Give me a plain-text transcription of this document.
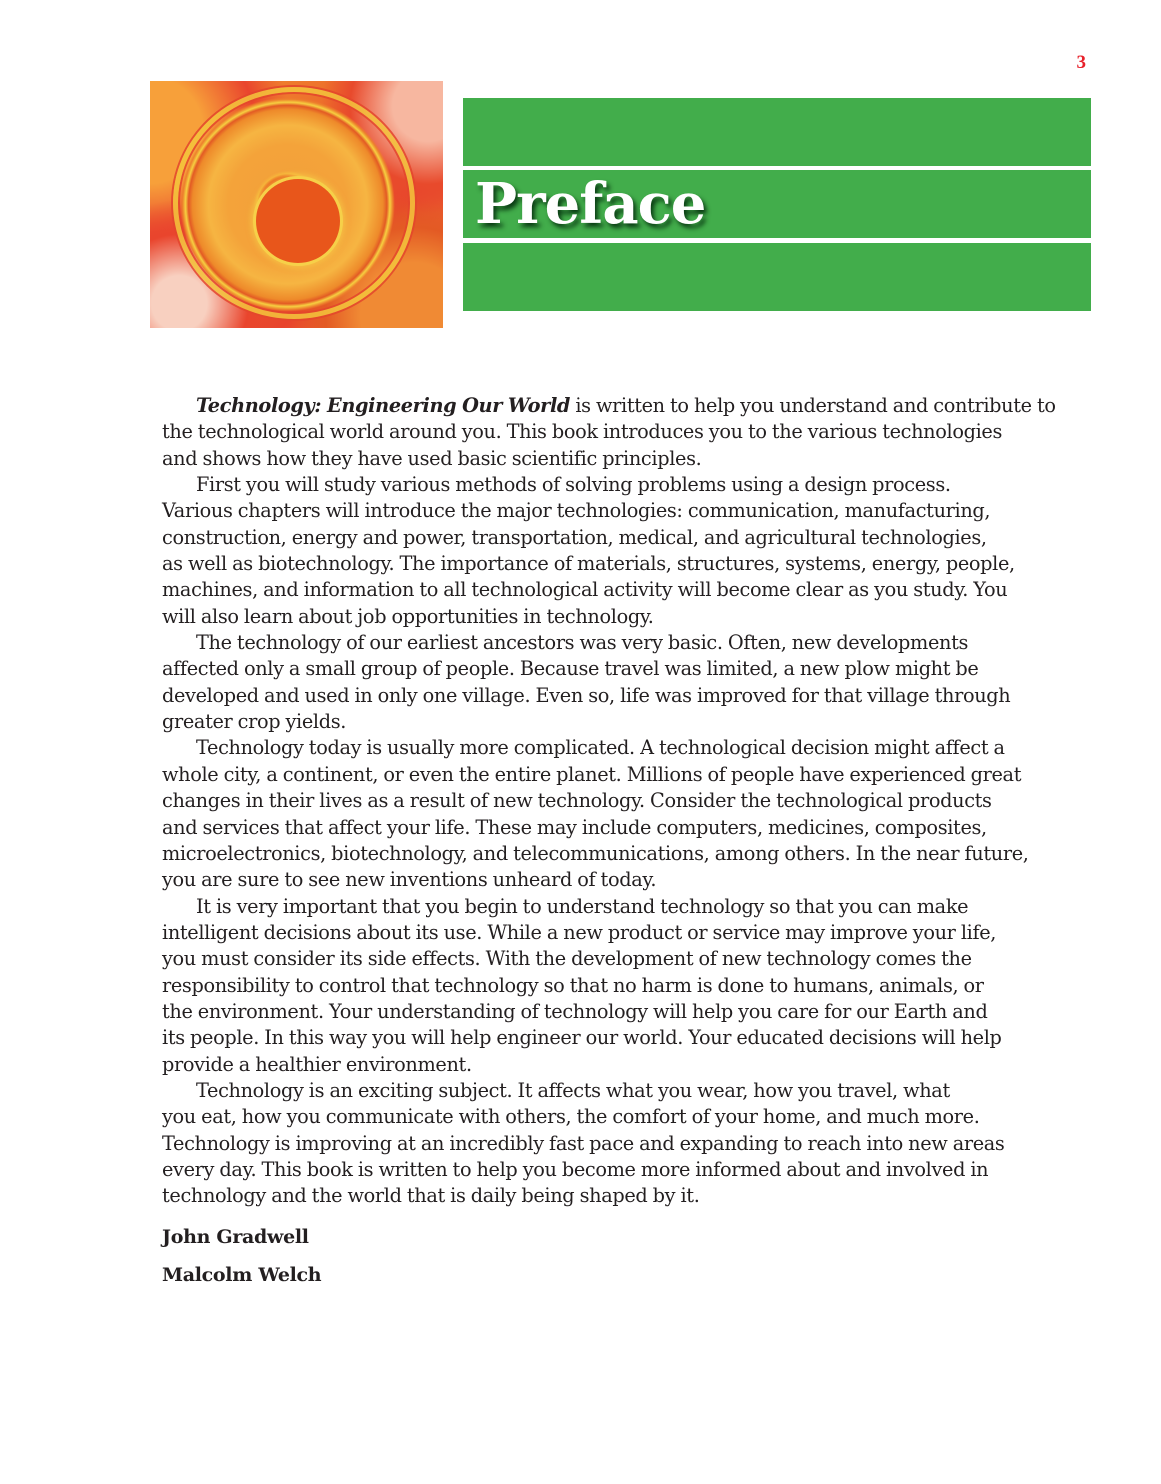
3
Preface
Technology: Engineering Our World is written to help you understand and contribute to
the technological world around you. This book introduces you to the various technologies
and shows how they have used basic scientific principles.
First you will study various methods of solving problems using a design process.
Various chapters will introduce the major technologies: communication, manufacturing,
construction, energy and power, transportation, medical, and agricultural technologies,
as well as biotechnology. The importance of materials, structures, systems, energy, people,
machines, and information to all technological activity will become clear as you study. You
will also learn about job opportunities in technology.
The technology of our earliest ancestors was very basic. Often, new developments
affected only a small group of people. Because travel was limited, a new plow might be
developed and used in only one village. Even so, life was improved for that village through
greater crop yields.
Technology today is usually more complicated. A technological decision might affect a
whole city, a continent, or even the entire planet. Millions of people have experienced great
changes in their lives as a result of new technology. Consider the technological products
and services that affect your life. These may include computers, medicines, composites,
microelectronics, biotechnology, and telecommunications, among others. In the near future,
you are sure to see new inventions unheard of today.
It is very important that you begin to understand technology so that you can make
intelligent decisions about its use. While a new product or service may improve your life,
you must consider its side effects. With the development of new technology comes the
responsibility to control that technology so that no harm is done to humans, animals, or
the environment. Your understanding of technology will help you care for our Earth and
its people. In this way you will help engineer our world. Your educated decisions will help
provide a healthier environment.
Technology is an exciting subject. It affects what you wear, how you travel, what
you eat, how you communicate with others, the comfort of your home, and much more.
Technology is improving at an incredibly fast pace and expanding to reach into new areas
every day. This book is written to help you become more informed about and involved in
technology and the world that is daily being shaped by it.
John Gradwell
Malcolm Welch
